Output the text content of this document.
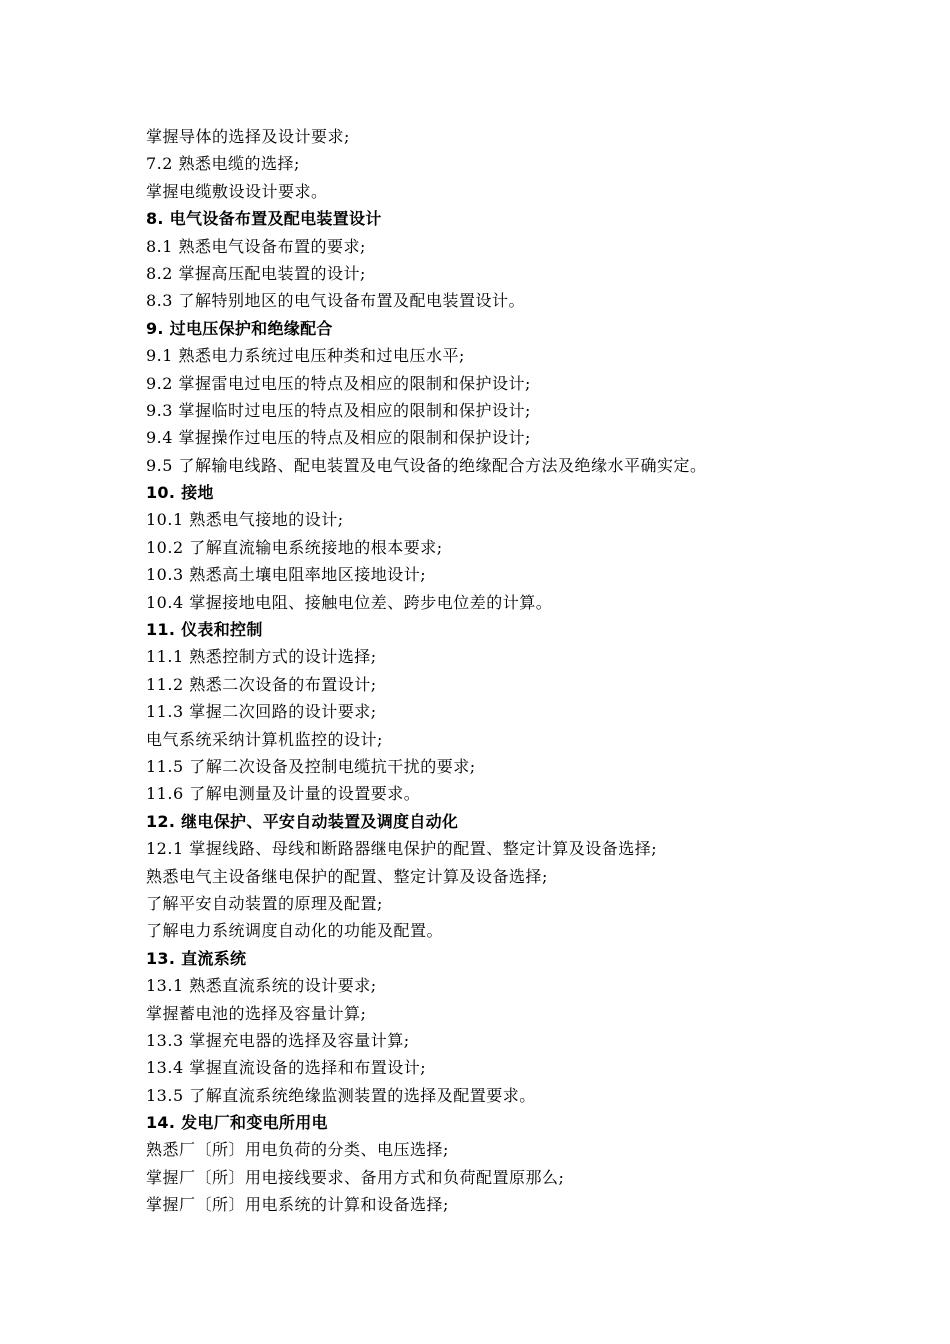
掌握导体的选择及设计要求;
7.2 熟悉电缆的选择;
掌握电缆敷设设计要求。
8. 电气设备布置及配电装置设计
8.1 熟悉电气设备布置的要求;
8.2 掌握高压配电装置的设计;
8.3 了解特别地区的电气设备布置及配电装置设计。
9. 过电压保护和绝缘配合
9.1 熟悉电力系统过电压种类和过电压水平;
9.2 掌握雷电过电压的特点及相应的限制和保护设计;
9.3 掌握临时过电压的特点及相应的限制和保护设计;
9.4 掌握操作过电压的特点及相应的限制和保护设计;
9.5 了解输电线路、配电装置及电气设备的绝缘配合方法及绝缘水平确实定。
10. 接地
10.1 熟悉电气接地的设计;
10.2 了解直流输电系统接地的根本要求;
10.3 熟悉高土壤电阻率地区接地设计;
10.4 掌握接地电阻、接触电位差、跨步电位差的计算。
11. 仪表和控制
11.1 熟悉控制方式的设计选择;
11.2 熟悉二次设备的布置设计;
11.3 掌握二次回路的设计要求;
电气系统采纳计算机监控的设计;
11.5 了解二次设备及控制电缆抗干扰的要求;
11.6 了解电测量及计量的设置要求。
12. 继电保护、平安自动装置及调度自动化
12.1 掌握线路、母线和断路器继电保护的配置、整定计算及设备选择;
熟悉电气主设备继电保护的配置、整定计算及设备选择;
了解平安自动装置的原理及配置;
了解电力系统调度自动化的功能及配置。
13. 直流系统
13.1 熟悉直流系统的设计要求;
掌握蓄电池的选择及容量计算;
13.3 掌握充电器的选择及容量计算;
13.4 掌握直流设备的选择和布置设计;
13.5 了解直流系统绝缘监测装置的选择及配置要求。
14. 发电厂和变电所用电
熟悉厂〔所〕用电负荷的分类、电压选择;
掌握厂〔所〕用电接线要求、备用方式和负荷配置原那么;
掌握厂〔所〕用电系统的计算和设备选择;
